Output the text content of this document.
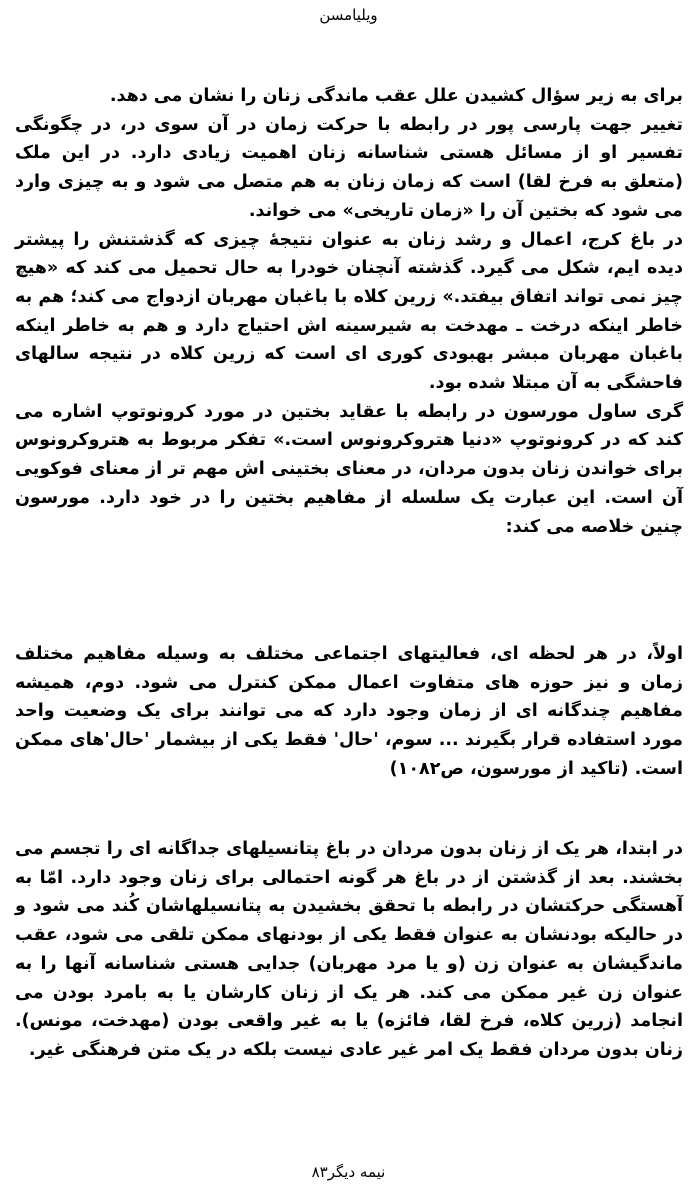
ویلیامسن

برای به زیر سؤال کشیدن علل عقب ماندگی زنان را نشان می دهد.

تغییر جهت پارسی پور در رابطه با حرکت زمان در آن سوی در، در چگونگی تفسیر او از مسائل هستی شناسانه زنان اهمیت زیادی دارد. در این ملک (متعلق به فرخ لقا) است که زمان زنان به هم متصل می شود و به چیزی وارد می شود که بختین آن را «زمان تاریخی» می خواند.

در باغ کرج، اعمال و رشد زنان به عنوان نتیجهٔ چیزی که گذشتنش را پیشتر دیده ایم، شکل می گیرد. گذشته آنچنان خودرا به حال تحمیل می کند که «هیچ چیز نمی تواند اتفاق بیفتد.» زرین کلاه با باغبان مهربان ازدواج می کند؛ هم به خاطر اینکه درخت ـ مهدخت به شیرسینه اش احتیاج دارد و هم به خاطر اینکه باغبان مهربان مبشر بهبودی کوری ای است که زرین کلاه در نتیجه سالهای فاحشگی به آن مبتلا شده بود.

گری ساول مورسون در رابطه با عقاید بختین در مورد کرونوتوپ اشاره می کند که در کرونوتوپ «دنیا هتروکرونوس است.» تفکر مربوط به هتروکرونوس برای خواندن زنان بدون مردان، در معنای بختینی اش مهم تر از معنای فوکویی آن است. این عبارت یک سلسله از مفاهیم بختین را در خود دارد. مورسون چنین خلاصه می کند:

اولاً، در هر لحظه ای، فعالیتهای اجتماعی مختلف به وسیله مفاهیم مختلف زمان و نیز حوزه های متفاوت اعمال ممکن کنترل می شود. دوم، همیشه مفاهیم چندگانه ای از زمان وجود دارد که می توانند برای یک وضعیت واحد مورد استفاده قرار بگیرند ... سوم، 'حال' فقط یکی از بیشمار 'حال'های ممکن است. (تاکید از مورسون، ص۱۰۸۲)
در ابتدا، هر یک از زنان بدون مردان در باغ پتانسیلهای جداگانه ای را تجسم می بخشند. بعد از گذشتن از در باغ هر گونه احتمالی برای زنان وجود دارد. امّا به آهستگی حرکتشان در رابطه با تحقق بخشیدن به پتانسیلهاشان کُند می شود و در حالیکه بودنشان به عنوان فقط یکی از بودنهای ممکن تلقی می شود، عقب ماندگیشان به عنوان زن (و یا مرد مهربان) جدایی هستی شناسانه آنها را به عنوان زن غیر ممکن می کند. هر یک از زنان کارشان یا به بامرد بودن می انجامد (زرین کلاه، فرخ لقا، فائزه) یا به غیر واقعی بودن (مهدخت، مونس). زنان بدون مردان فقط یک امر غیر عادی نیست بلکه در یک متن فرهنگی غیر.
نیمه دیگر۸۳
